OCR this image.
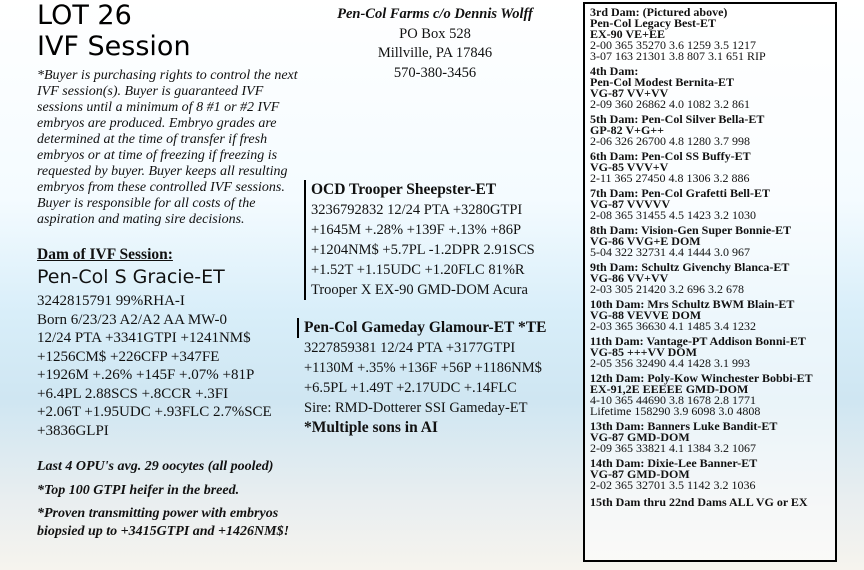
LOT 26
IVF Session
*Buyer is purchasing rights to control the next IVF session(s). Buyer is guaranteed IVF sessions until a minimum of 8 #1 or #2 IVF embryos are produced. Embryo grades are determined at the time of transfer if fresh embryos or at time of freezing if freezing is requested by buyer. Buyer keeps all resulting embryos from these controlled IVF sessions. Buyer is responsible for all costs of the aspiration and mating sire decisions.
Dam of IVF Session:
Pen-Col S Gracie-ET
3242815791 99%RHA-I
Born 6/23/23 A2/A2 AA MW-0
12/24 PTA +3341GTPI +1241NM$
+1256CM$ +226CFP +347FE
+1926M +.26% +145F +.07% +81P
+6.4PL 2.88SCS +.8CCR +.3FI
+2.06T +1.95UDC +.93FLC 2.7%SCE
+3836GLPI

Last 4 OPU's avg. 29 oocytes (all pooled)

*Top 100 GTPI heifer in the breed.

*Proven transmitting power with embryos biopsied up to +3415GTPI and +1426NM$!

Pen-Col Farms c/o Dennis Wolff
PO Box 528
Millville, PA 17846
570-380-3456
OCD Trooper Sheepster-ET
3236792832 12/24 PTA +3280GTPI
+1645M +.28% +139F +.13% +86P
+1204NM$ +5.7PL -1.2DPR 2.91SCS
+1.52T +1.15UDC +1.20FLC 81%R
Trooper X EX-90 GMD-DOM Acura
Pen-Col Gameday Glamour-ET *TE
3227859381 12/24 PTA +3177GTPI
+1130M +.35% +136F +56P +1186NM$
+6.5PL +1.49T +2.17UDC +.14FLC
Sire: RMD-Dotterer SSI Gameday-ET
*Multiple sons in AI
3rd Dam: (Pictured above)
Pen-Col Legacy Best-ET
EX-90 VE+EE
2-00 365 35270 3.6 1259 3.5 1217
3-07 163 21301 3.8 807 3.1 651 RIP
4th Dam:
Pen-Col Modest Bernita-ET
VG-87 VV+VV
2-09 360 26862 4.0 1082 3.2 861
5th Dam: Pen-Col Silver Bella-ET
GP-82 V+G++
2-06 326 26700 4.8 1280 3.7 998
6th Dam: Pen-Col SS Buffy-ET
VG-85 VVV+V
2-11 365 27450 4.8 1306 3.2 886
7th Dam: Pen-Col Grafetti Bell-ET
VG-87 VVVVV
2-08 365 31455 4.5 1423 3.2 1030
8th Dam: Vision-Gen Super Bonnie-ET
VG-86 VVG+E DOM
5-04 322 32731 4.4 1444 3.0 967
9th Dam: Schultz Givenchy Blanca-ET
VG-86 VV+VV
2-03 305 21420 3.2 696 3.2 678
10th Dam: Mrs Schultz BWM Blain-ET
VG-88 VEVVE DOM
2-03 365 36630 4.1 1485 3.4 1232
11th Dam: Vantage-PT Addison Bonni-ET
VG-85 +++VV DOM
2-05 356 32490 4.4 1428 3.1 993
12th Dam: Poly-Kow Winchester Bobbi-ET
EX-91,2E EEEEE GMD-DOM
4-10 365 44690 3.8 1678 2.8 1771
Lifetime 158290 3.9 6098 3.0 4808
13th Dam: Banners Luke Bandit-ET
VG-87 GMD-DOM
2-09 365 33821 4.1 1384 3.2 1067
14th Dam: Dixie-Lee Banner-ET
VG-87 GMD-DOM
2-02 365 32701 3.5 1142 3.2 1036
15th Dam thru 22nd Dams ALL VG or EX
